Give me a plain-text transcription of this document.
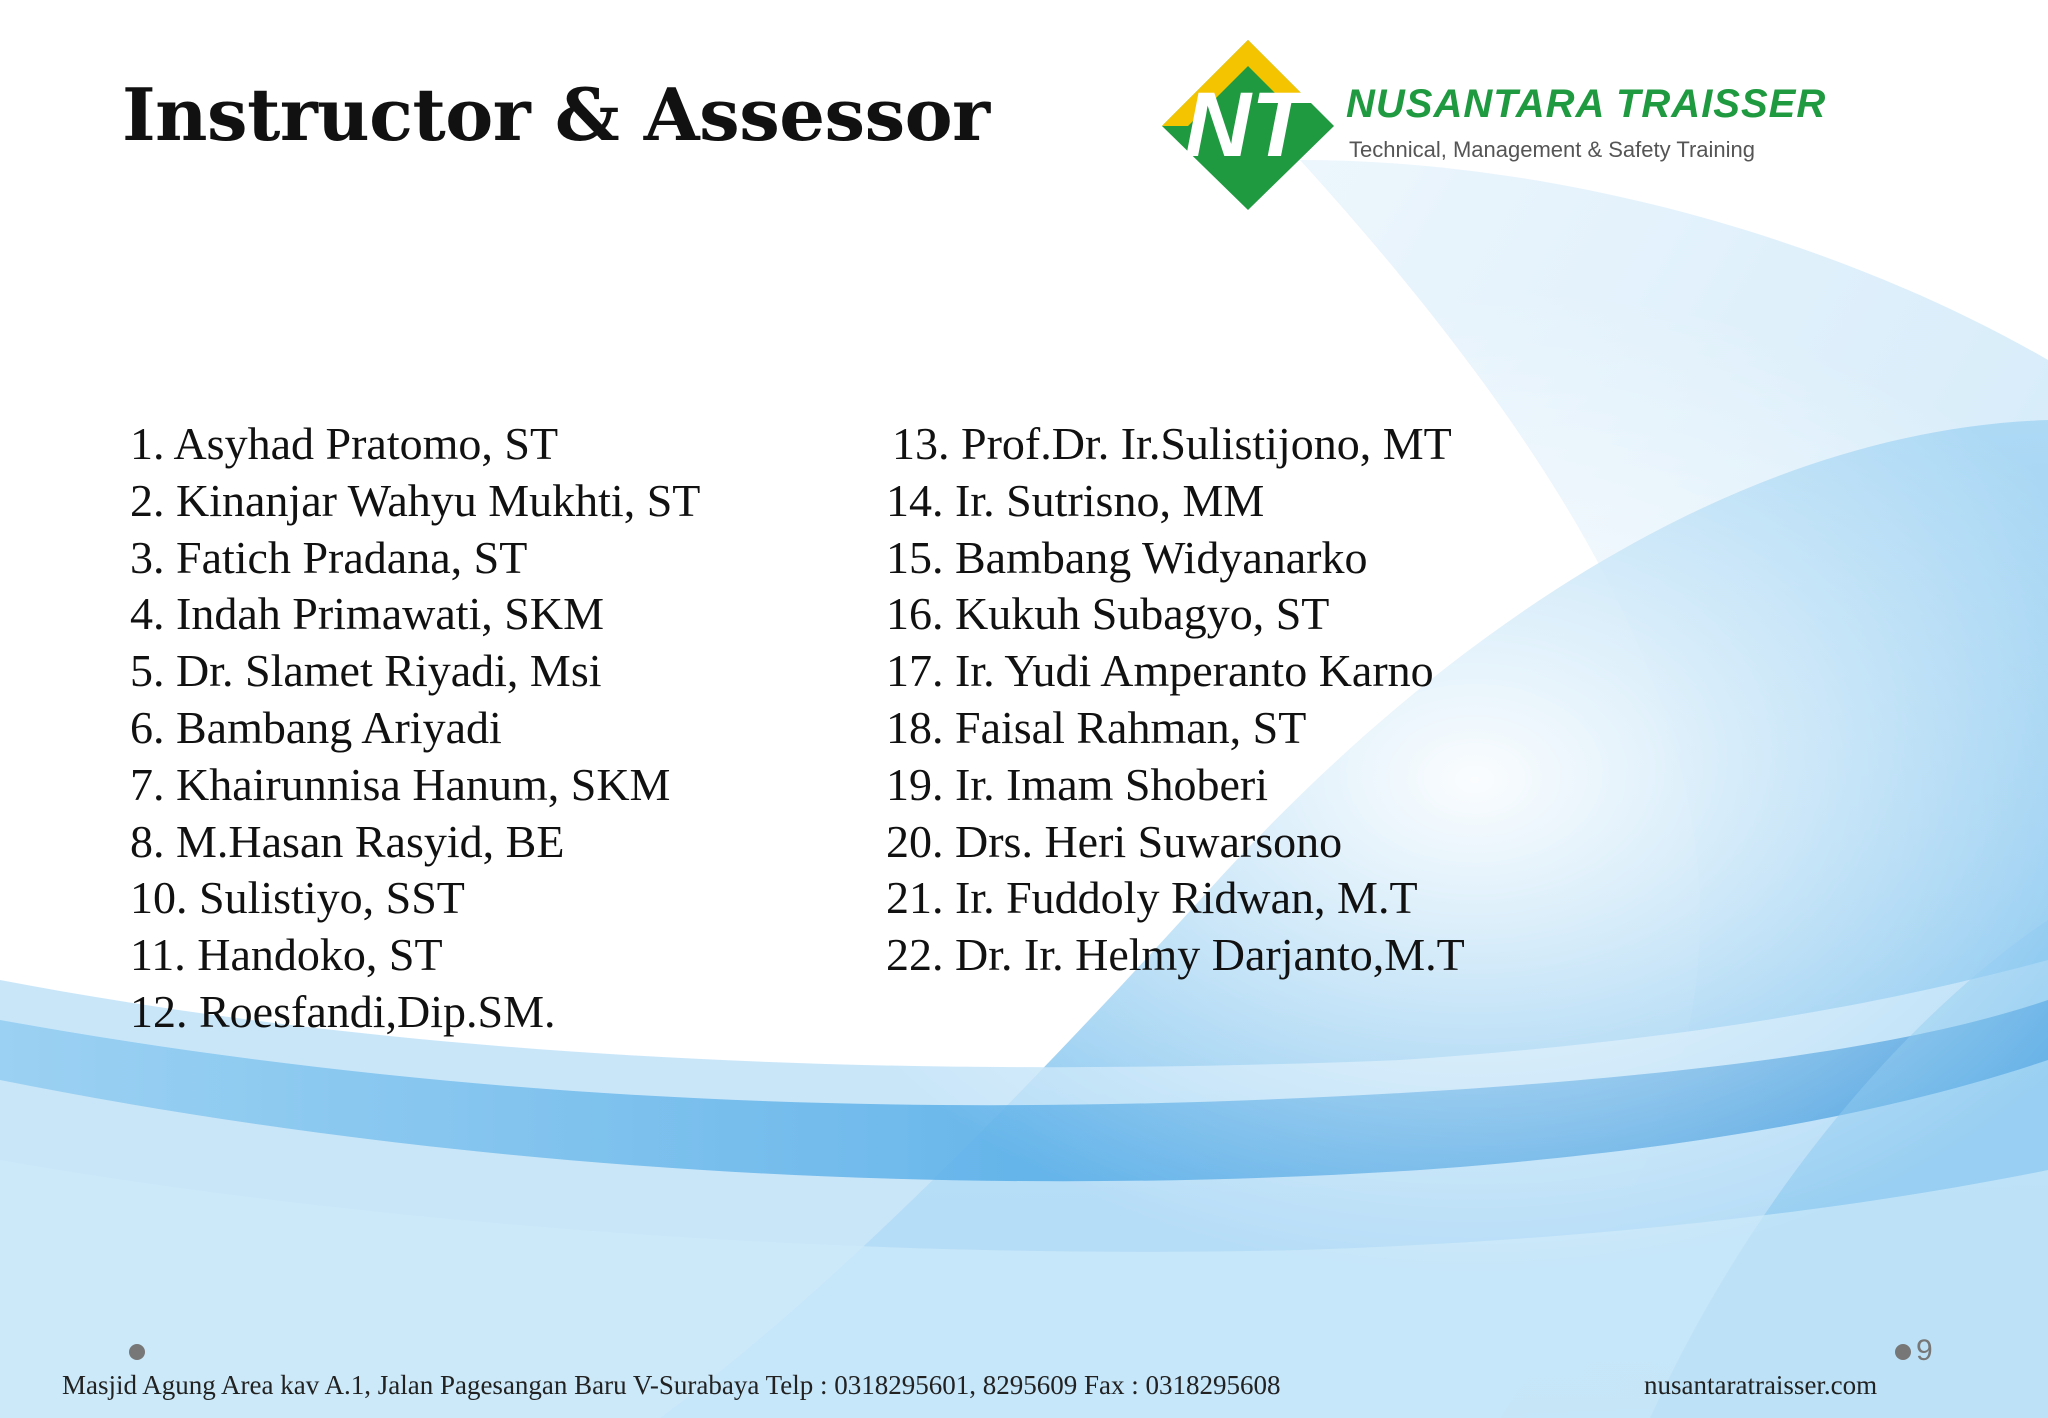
Instructor & Assessor NT NUSANTARA TRAISSER
Technical, Management & Safety Training
1. Asyhad Pratomo, ST
2. Kinanjar Wahyu Mukhti, ST
3. Fatich Pradana, ST
4. Indah Primawati, SKM
5. Dr. Slamet Riyadi, Msi
6. Bambang Ariyadi
7. Khairunnisa Hanum, SKM
8. M.Hasan Rasyid, BE
10. Sulistiyo, SST
11. Handoko, ST
12. Roesfandi,Dip.SM.
13. Prof.Dr. Ir.Sulistijono, MT
14. Ir. Sutrisno, MM
15. Bambang Widyanarko
16. Kukuh Subagyo, ST
17. Ir. Yudi Amperanto Karno
18. Faisal Rahman, ST
19. Ir. Imam Shoberi
20. Drs. Heri Suwarsono
21. Ir. Fuddoly Ridwan, M.T
22. Dr. Ir. Helmy Darjanto,M.T

9

Masjid Agung Area kav A.1, Jalan Pagesangan Baru V-Surabaya Telp : 0318295601, 8295609 Fax : 0318295608	nusantaratraisser.com
